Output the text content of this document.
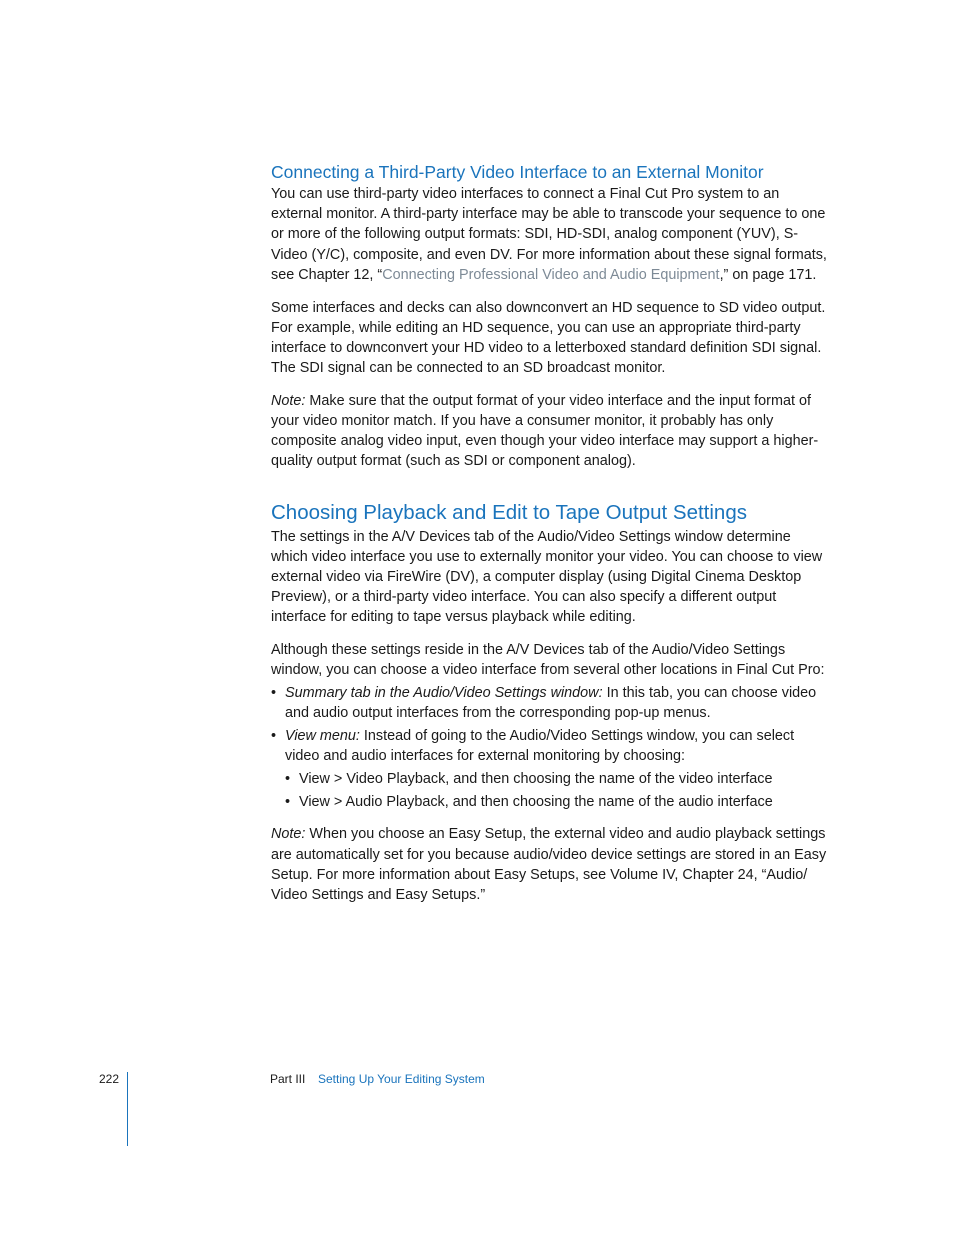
Connecting a Third-Party Video Interface to an External Monitor

You can use third-party video interfaces to connect a Final Cut Pro system to an external monitor. A third-party interface may be able to transcode your sequence to one or more of the following output formats: SDI, HD-SDI, analog component (YUV), S-Video (Y/C), composite, and even DV. For more information about these signal formats, see Chapter 12, “Connecting Professional Video and Audio Equipment,” on page 171.

Some interfaces and decks can also downconvert an HD sequence to SD video output. For example, while editing an HD sequence, you can use an appropriate third-party interface to downconvert your HD video to a letterboxed standard definition SDI signal. The SDI signal can be connected to an SD broadcast monitor.

Note: Make sure that the output format of your video interface and the input format of your video monitor match. If you have a consumer monitor, it probably has only composite analog video input, even though your video interface may support a higher-quality output format (such as SDI or component analog).

Choosing Playback and Edit to Tape Output Settings

The settings in the A/V Devices tab of the Audio/Video Settings window determine which video interface you use to externally monitor your video. You can choose to view external video via FireWire (DV), a computer display (using Digital Cinema Desktop Preview), or a third-party video interface. You can also specify a different output interface for editing to tape versus playback while editing.

Although these settings reside in the A/V Devices tab of the Audio/Video Settings window, you can choose a video interface from several other locations in Final Cut Pro:

• Summary tab in the Audio/Video Settings window: In this tab, you can choose video and audio output interfaces from the corresponding pop-up menus.
• View menu: Instead of going to the Audio/Video Settings window, you can select video and audio interfaces for external monitoring by choosing:
• View > Video Playback, and then choosing the name of the video interface
• View > Audio Playback, and then choosing the name of the audio interface

Note: When you choose an Easy Setup, the external video and audio playback settings are automatically set for you because audio/video device settings are stored in an Easy Setup. For more information about Easy Setups, see Volume IV, Chapter 24, “Audio/ Video Settings and Easy Setups.”

222	Part III Setting Up Your Editing System
